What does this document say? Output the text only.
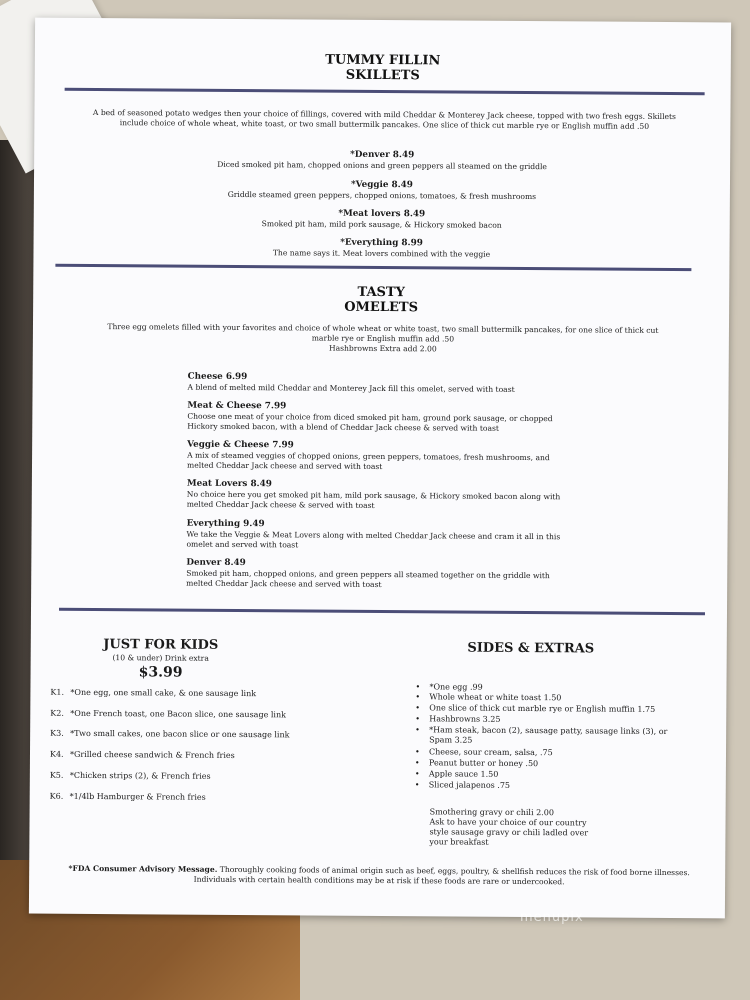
TUMMY FILLIN
SKILLETS
A bed of seasoned potato wedges then your choice of fillings, covered with mild Cheddar & Monterey Jack cheese, topped with two fresh eggs. Skillets
include choice of whole wheat, white toast, or two small buttermilk pancakes. One slice of thick cut marble rye or English muffin add .50
*Denver 8.49
Diced smoked pit ham, chopped onions and green peppers all steamed on the griddle
*Veggie 8.49
Griddle steamed green peppers, chopped onions, tomatoes, & fresh mushrooms
*Meat lovers 8.49
Smoked pit ham, mild pork sausage, & Hickory smoked bacon
*Everything 8.99
The name says it. Meat lovers combined with the veggie
TASTY
OMELETS
Three egg omelets filled with your favorites and choice of whole wheat or white toast, two small buttermilk pancakes, for one slice of thick cut
marble rye or English muffin add .50
Hashbrowns Extra add 2.00
Cheese 6.99
A blend of melted mild Cheddar and Monterey Jack fill this omelet, served with toast
Meat & Cheese 7.99
Choose one meat of your choice from diced smoked pit ham, ground pork sausage, or chopped
Hickory smoked bacon, with a blend of Cheddar Jack cheese & served with toast
Veggie & Cheese 7.99
A mix of steamed veggies of chopped onions, green peppers, tomatoes, fresh mushrooms, and
melted Cheddar Jack cheese and served with toast
Meat Lovers 8.49
No choice here you get smoked pit ham, mild pork sausage, & Hickory smoked bacon along with
melted Cheddar Jack cheese & served with toast
Everything 9.49
We take the Veggie & Meat Lovers along with melted Cheddar Jack cheese and cram it all in this
omelet and served with toast
Denver 8.49
Smoked pit ham, chopped onions, and green peppers all steamed together on the griddle with
melted Cheddar Jack cheese and served with toast
JUST FOR KIDS
(10 & under) Drink extra
$3.99
K1. *One egg, one small cake, & one sausage link
K2. *One French toast, one Bacon slice, one sausage link
K3. *Two small cakes, one bacon slice or one sausage link
K4. *Grilled cheese sandwich & French fries
K5. *Chicken strips (2), & French fries
K6. *1/4lb Hamburger & French fries
SIDES & EXTRAS
• *One egg .99
• Whole wheat or white toast 1.50
• One slice of thick cut marble rye or English muffin 1.75
• Hashbrowns 3.25
• *Ham steak, bacon (2), sausage patty, sausage links (3), or
Spam 3.25
• Cheese, sour cream, salsa, .75
• Peanut butter or honey .50
• Apple sauce 1.50
• Sliced jalapenos .75
Smothering gravy or chili 2.00
Ask to have your choice of our country
style sausage gravy or chili ladled over
your breakfast
*FDA Consumer Advisory Message. Thoroughly cooking foods of animal origin such as beef, eggs, poultry, & shellfish reduces the risk of food borne illnesses.
Individuals with certain health conditions may be at risk if these foods are rare or undercooked.
menupix
